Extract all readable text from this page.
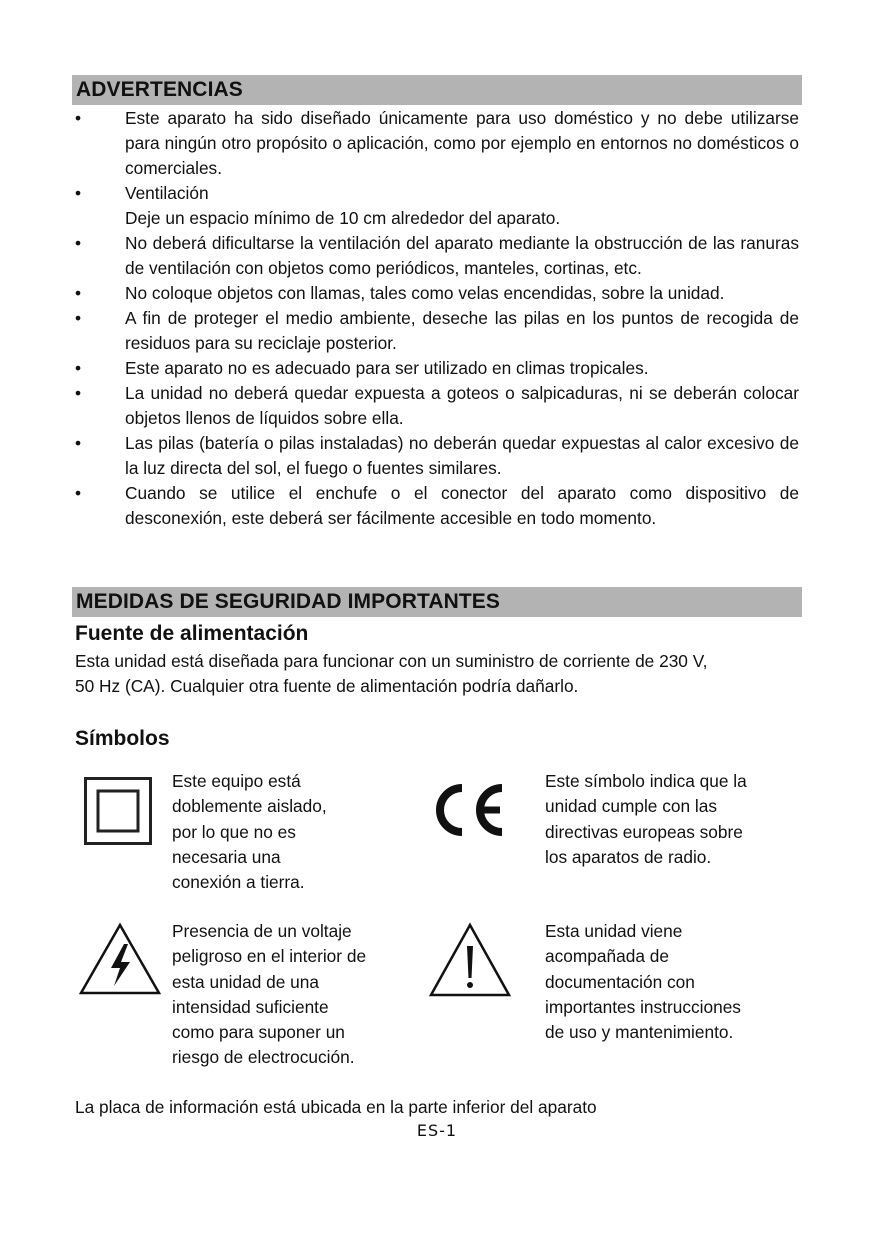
ADVERTENCIAS
•	Este aparato ha sido diseñado únicamente para uso doméstico y no debe utilizarse para ningún otro propósito o aplicación, como por ejemplo en entornos no domésticos o comerciales.
•	Ventilación
Deje un espacio mínimo de 10 cm alrededor del aparato.
•	No deberá dificultarse la ventilación del aparato mediante la obstrucción de las ranuras de ventilación con objetos como periódicos, manteles, cortinas, etc.
•	No coloque objetos con llamas, tales como velas encendidas, sobre la unidad.
•	A fin de proteger el medio ambiente, deseche las pilas en los puntos de recogida de residuos para su reciclaje posterior.
•	Este aparato no es adecuado para ser utilizado en climas tropicales.
•	La unidad no deberá quedar expuesta a goteos o salpicaduras, ni se deberán colocar objetos llenos de líquidos sobre ella.
•	Las pilas (batería o pilas instaladas) no deberán quedar expuestas al calor excesivo de la luz directa del sol, el fuego o fuentes similares.
•	Cuando se utilice el enchufe o el conector del aparato como dispositivo de desconexión, este deberá ser fácilmente accesible en todo momento.
MEDIDAS DE SEGURIDAD IMPORTANTES
Fuente de alimentación
Esta unidad está diseñada para funcionar con un suministro de corriente de 230 V,
50 Hz (CA). Cualquier otra fuente de alimentación podría dañarlo.
Símbolos
Este equipo está
doblemente aislado,
por lo que no es
necesaria una
conexión a tierra.
Este símbolo indica que la
unidad cumple con las
directivas europeas sobre
los aparatos de radio.
Presencia de un voltaje
peligroso en el interior de
esta unidad de una
intensidad suficiente
como para suponer un
riesgo de electrocución.
Esta unidad viene
acompañada de
documentación con
importantes instrucciones
de uso y mantenimiento.
La placa de información está ubicada en la parte inferior del aparato
ES-1
